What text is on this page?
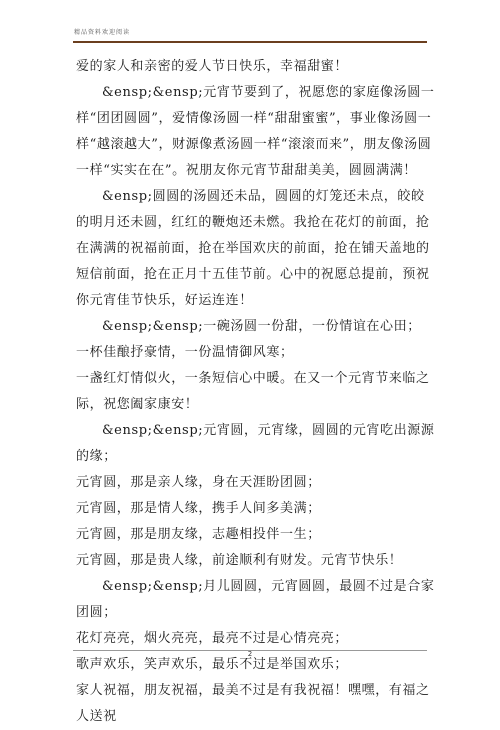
精品资料欢迎阅读

爱的家人和亲密的爱人节日快乐，幸福甜蜜！

&ensp;&ensp;元宵节要到了，祝愿您的家庭像汤圆一样“团团圆圆”，爱情像汤圆一样“甜甜蜜蜜”，事业像汤圆一样“越滚越大”，财源像煮汤圆一样“滚滚而来”，朋友像汤圆一样“实实在在”。祝朋友你元宵节甜甜美美，圆圆满满！

&ensp;圆圆的汤圆还未品，圆圆的灯笼还未点，皎皎的明月还未圆，红红的鞭炮还未燃。我抢在花灯的前面，抢在满满的祝福前面，抢在举国欢庆的前面，抢在铺天盖地的短信前面，抢在正月十五佳节前。心中的祝愿总提前，预祝你元宵佳节快乐，好运连连！

&ensp;&ensp;一碗汤圆一份甜，一份情谊在心田；

一杯佳酿抒豪情，一份温情御风寒；

一盏红灯情似火，一条短信心中暖。在又一个元宵节来临之际，祝您阖家康安！

&ensp;&ensp;元宵圆，元宵缘，圆圆的元宵吃出源源的缘；

元宵圆，那是亲人缘，身在天涯盼团圆；

元宵圆，那是情人缘，携手人间多美满；

元宵圆，那是朋友缘，志趣相投伴一生；

元宵圆，那是贵人缘，前途顺利有财发。元宵节快乐！

&ensp;&ensp;月儿圆圆，元宵圆圆，最圆不过是合家团圆；

花灯亮亮，烟火亮亮，最亮不过是心情亮亮；

歌声欢乐，笑声欢乐，最乐不过是举国欢乐；

家人祝福，朋友祝福，最美不过是有我祝福！嘿嘿，有福之人送祝

2
